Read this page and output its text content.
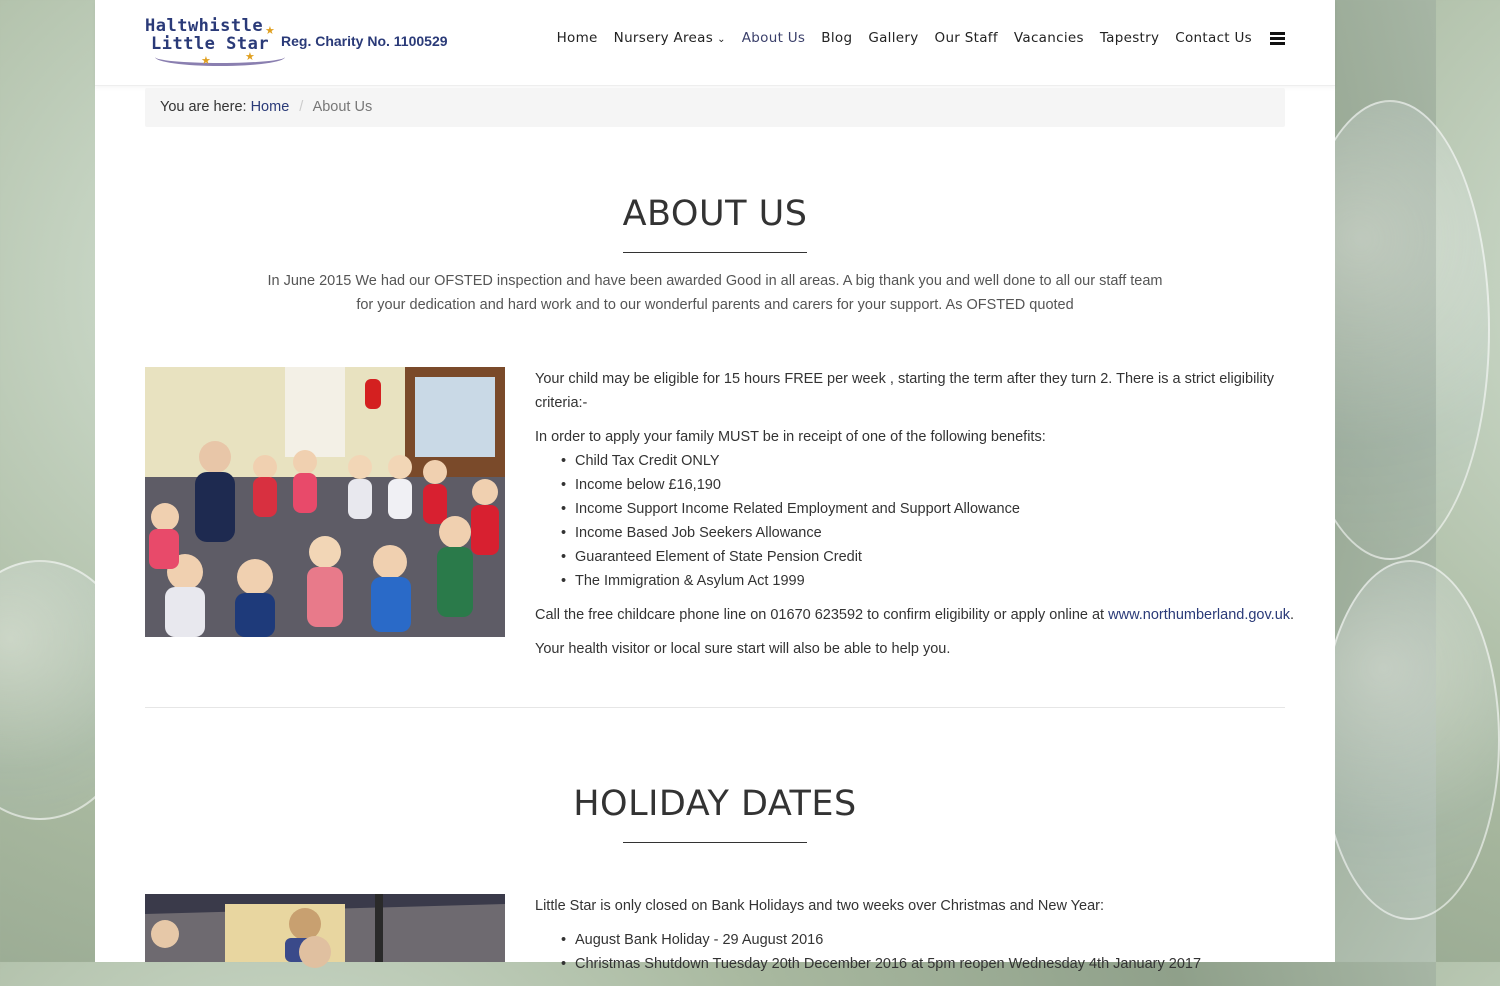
Haltwhistle
Little Star
★
★
★
Reg. Charity No. 1100529	Home Nursery Areas ⌄ About Us Blog Gallery Our Staff Vacancies Tapestry Contact Us
You are here: Home / About Us
ABOUT US

In June 2015 We had our OFSTED inspection and have been awarded Good in all areas. A big thank you and well done to all our staff team for your dedication and hard work and to our wonderful parents and carers for your support. As OFSTED quoted

Your child may be eligible for 15 hours FREE per week , starting the term after they turn 2. There is a strict eligibility criteria:-

In order to apply your family MUST be in receipt of one of the following benefits:

• Child Tax Credit ONLY
• Income below £16,190
• Income Support Income Related Employment and Support Allowance
• Income Based Job Seekers Allowance
• Guaranteed Element of State Pension Credit
• The Immigration & Asylum Act 1999

Call the free childcare phone line on 01670 623592 to confirm eligibility or apply online at www.northumberland.gov.uk.

Your health visitor or local sure start will also be able to help you.

HOLIDAY DATES

Little Star is only closed on Bank Holidays and two weeks over Christmas and New Year:

• August Bank Holiday - 29 August 2016
• Christmas Shutdown Tuesday 20th December 2016 at 5pm reopen Wednesday 4th January 2017
